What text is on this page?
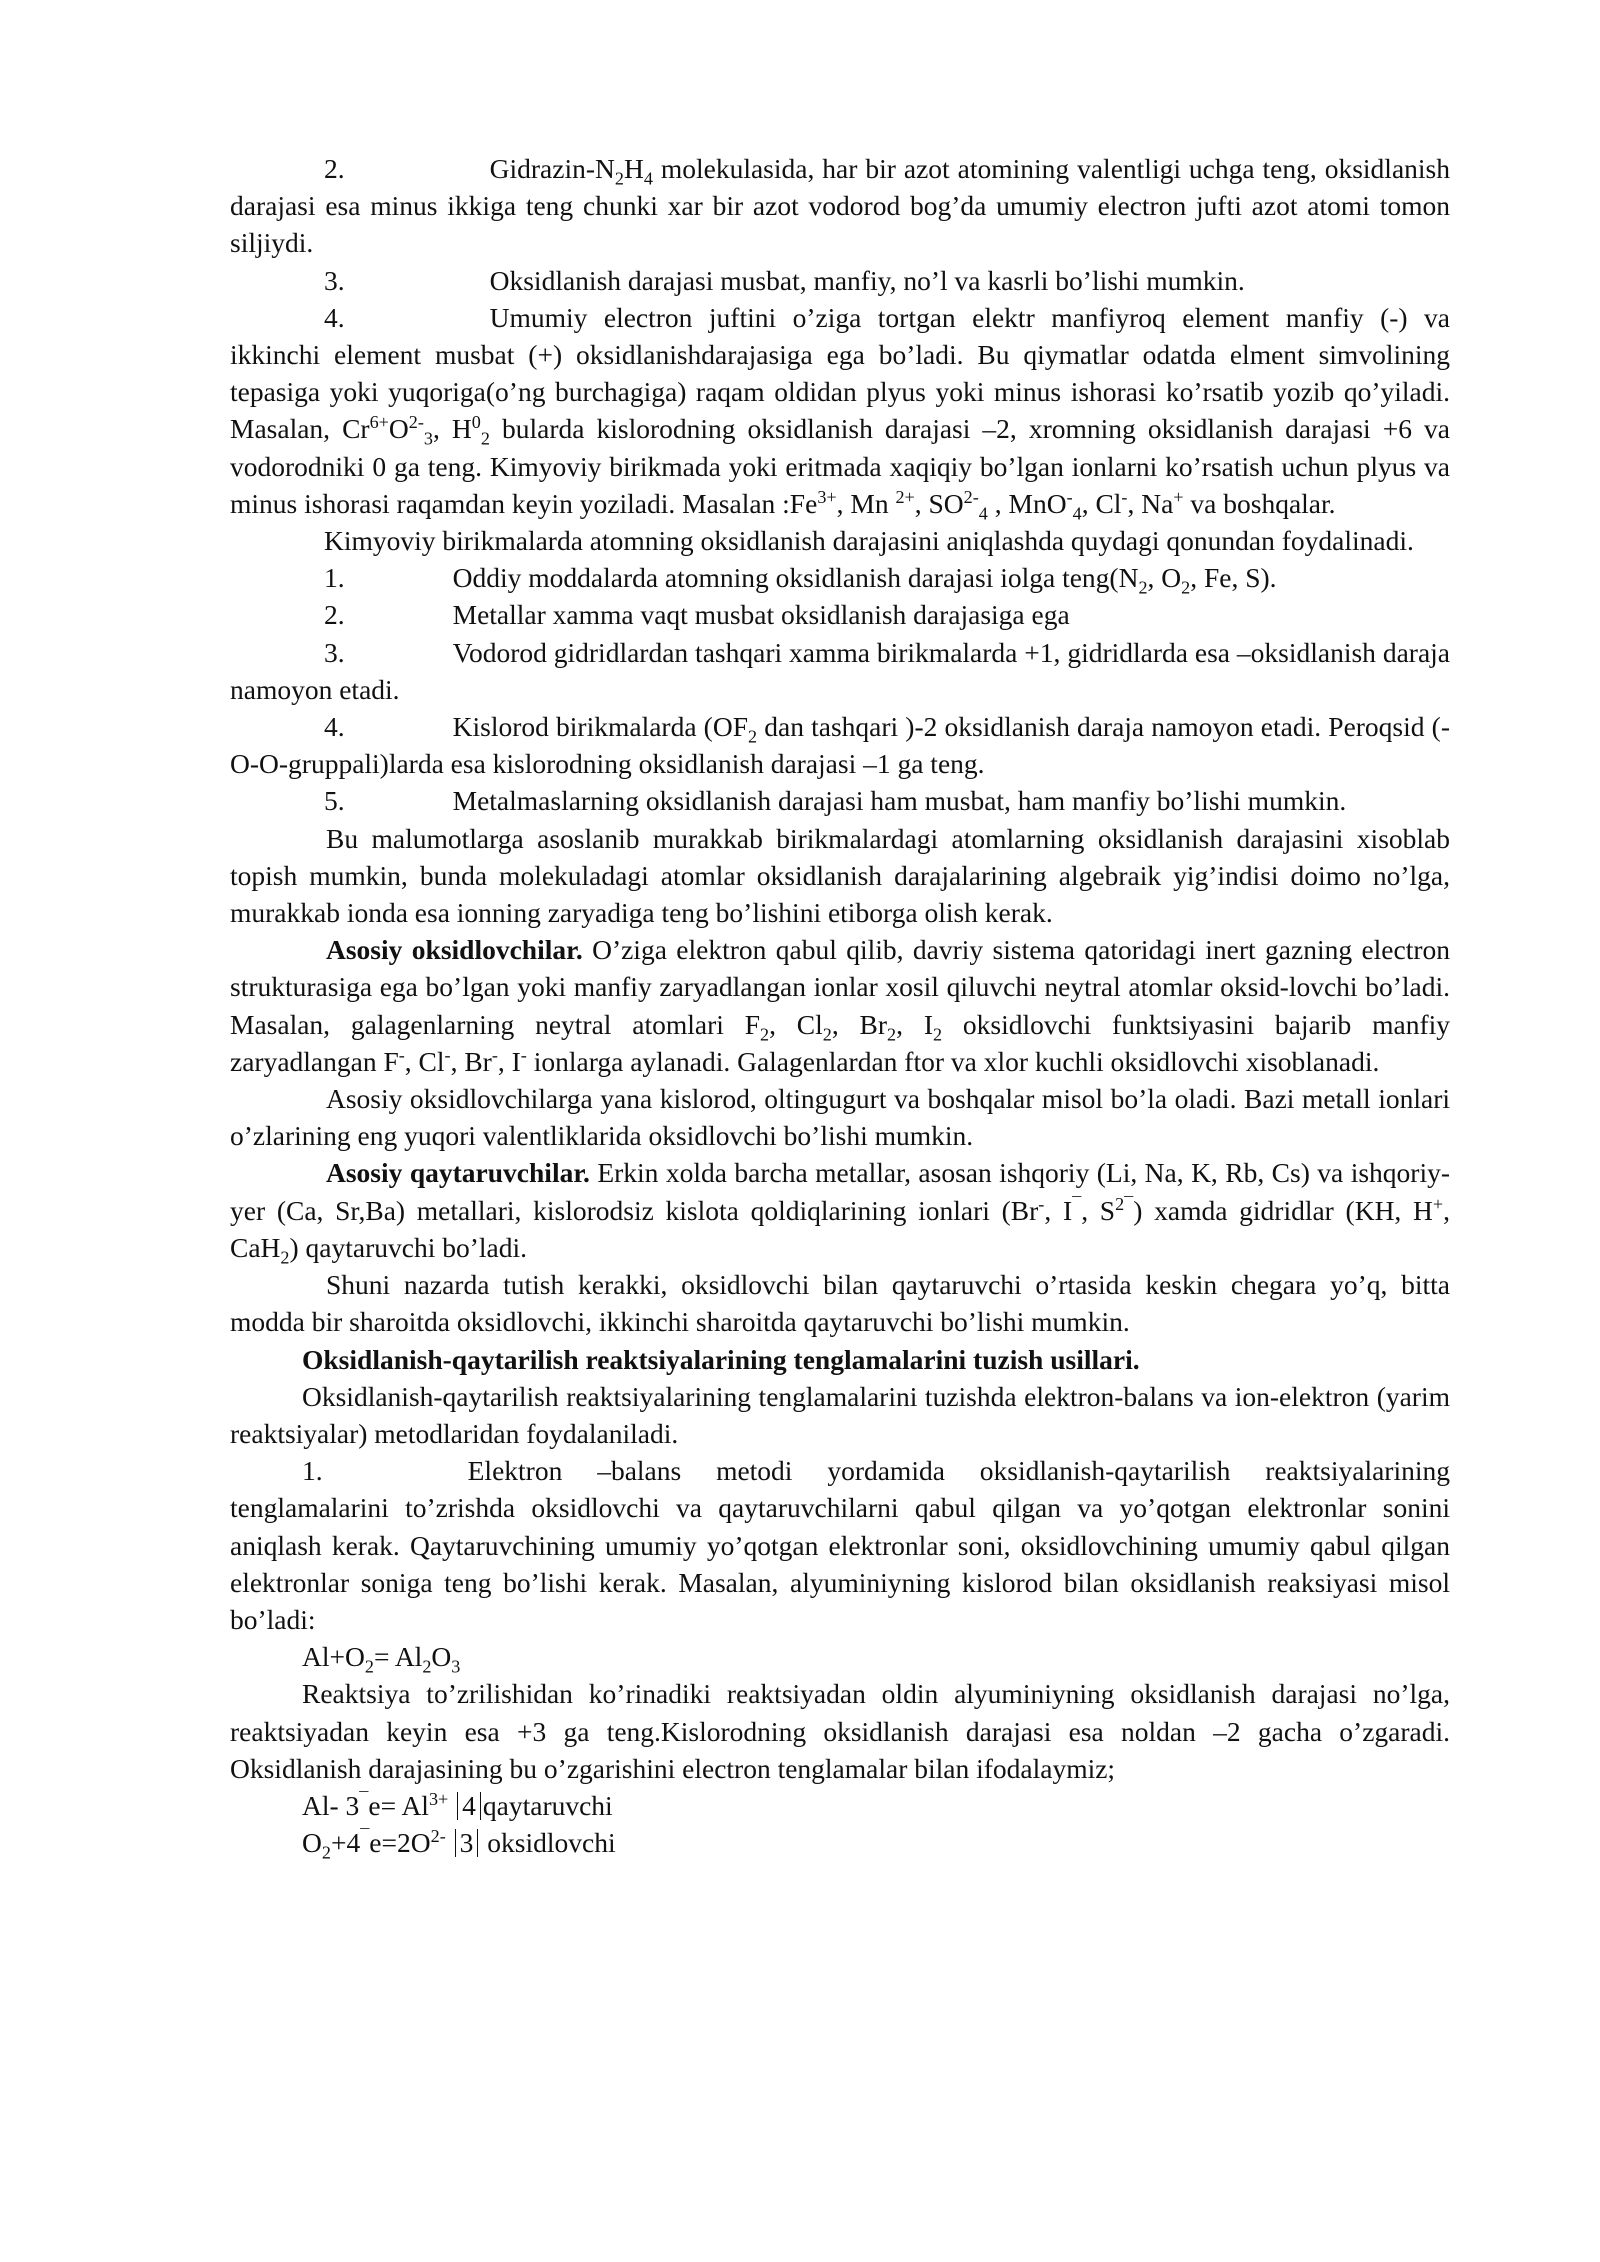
2.	Gidrazin-$N_2H_4$ molekulasida, har bir azot atomining valentligi uchga teng, oksidlanish darajasi esa minus ikkiga teng chunki xar bir azot vodorod bog’da umumiy electron jufti azot atomi tomon siljiydi.

3.	Oksidlanish darajasi musbat, manfiy, no’l va kasrli bo’lishi mumkin.

4.	Umumiy electron juftini o’ziga tortgan elektr manfiyroq element manfiy (-) va ikkinchi element musbat (+) oksidlanishdarajasiga ega bo’ladi. Bu qiymatlar odatda elment simvolining tepasiga yoki yuqoriga(o’ng burchagiga) raqam oldidan plyus yoki minus ishorasi ko’rsatib yozib qo’yiladi. Masalan, $Cr^{6+}O^{2-}_3$, $H^0_2$ bularda kislorodning oksidlanish darajasi –2, xromning oksidlanish darajasi +6 va vodorodniki 0 ga teng. Kimyoviy birikmada yoki eritmada xaqiqiy bo’lgan ionlarni ko’rsatish uchun plyus va minus ishorasi raqamdan keyin yoziladi. Masalan $:Fe^{3+}$, Mn $^{2+}$, $SO^{2-}_4$ , MnO-$_4$, Cl-, Na+ va boshqalar.

Kimyoviy birikmalarda atomning oksidlanish darajasini aniqlashda quydagi qonundan foydalinadi.

1.	Oddiy moddalarda atomning oksidlanish darajasi iolga $teng(N_2$, $O_2$, Fe, S).

2.	Metallar xamma vaqt musbat oksidlanish darajasiga ega

3.	Vodorod gidridlardan tashqari xamma birikmalarda +1, gidridlarda esa –oksidlanish daraja namoyon etadi.

4.	Kislorod birikmalarda ($OF_2$ dan tashqari )-2 oksidlanish daraja namoyon etadi. Peroqsid (-O-O-gruppali)larda esa kislorodning oksidlanish darajasi –1 ga teng.

5.	Metalmaslarning oksidlanish darajasi ham musbat, ham manfiy bo’lishi mumkin.

Bu malumotlarga asoslanib murakkab birikmalardagi atomlarning oksidlanish darajasini xisoblab topish mumkin, bunda molekuladagi atomlar oksidlanish darajalarining algebraik yig’indisi doimo no’lga, murakkab ionda esa ionning zaryadiga teng bo’lishini etiborga olish kerak.

Asosiy oksidlovchilar. O’ziga elektron qabul qilib, davriy sistema qatoridagi inert gazning electron strukturasiga ega bo’lgan yoki manfiy zaryadlangan ionlar xosil qiluvchi neytral atomlar oksid-lovchi bo’ladi. Masalan, galagenlarning neytral atomlari $F_2$, $Cl_2$, $Br_2$, $I_2$ oksidlovchi funktsiyasini bajarib manfiy zaryadlangan F-, Cl-, Br-, I- ionlarga aylanadi. Galagenlardan ftor va xlor kuchli oksidlovchi xisoblanadi.

Asosiy oksidlovchilarga yana kislorod, oltingugurt va boshqalar misol bo’la oladi. Bazi metall ionlari o’zlarining eng yuqori valentliklarida oksidlovchi bo’lishi mumkin.

Asosiy qaytaruvchilar. Erkin xolda barcha metallar, asosan ishqoriy (Li, Na, K, Rb, Cs) va ishqoriy-yer (Ca, Sr,Ba) metallari, kislorodsiz kislota qoldiqlarining ionlari (Br-, I¯, $S^{2¯}$) xamda gidridlar (KH, H+, CaH$_2$) qaytaruvchi bo’ladi.

Shuni nazarda tutish kerakki, oksidlovchi bilan qaytaruvchi o’rtasida keskin chegara yo’q, bitta modda bir sharoitda oksidlovchi, ikkinchi sharoitda qaytaruvchi bo’lishi mumkin.

Oksidlanish-qaytarilish reaktsiyalarining tenglamalarini tuzish usillari.

Oksidlanish-qaytarilish reaktsiyalarining tenglamalarini tuzishda elektron-balans va ion-elektron (yarim reaktsiyalar) metodlaridan foydalaniladi.

1.	Elektron –balans metodi yordamida oksidlanish-qaytarilish reaktsiyalarining tenglamalarini to’zrishda oksidlovchi va qaytaruvchilarni qabul qilgan va yo’qotgan elektronlar sonini aniqlash kerak. Qaytaruvchining umumiy yo’qotgan elektronlar soni, oksidlovchining umumiy qabul qilgan elektronlar soniga teng bo’lishi kerak. Masalan, alyuminiyning kislorod bilan oksidlanish reaksiyasi misol bo’ladi:

$Al+O_2= Al_2O_3$

Reaktsiya to’zrilishidan ko’rinadiki reaktsiyadan oldin alyuminiyning oksidlanish darajasi no’lga, reaktsiyadan keyin esa +3 ga teng.Kislorodning oksidlanish darajasi esa noldan –2 gacha o’zgaradi. Oksidlanish darajasining bu o’zgarishini electron tenglamalar bilan ifodalaymiz;

Al- $3^¯e= Al^{3+}$ 4 qaytaruvchi

$O_2+4^¯e=2O^{2-}$ 3 oksidlovchi
